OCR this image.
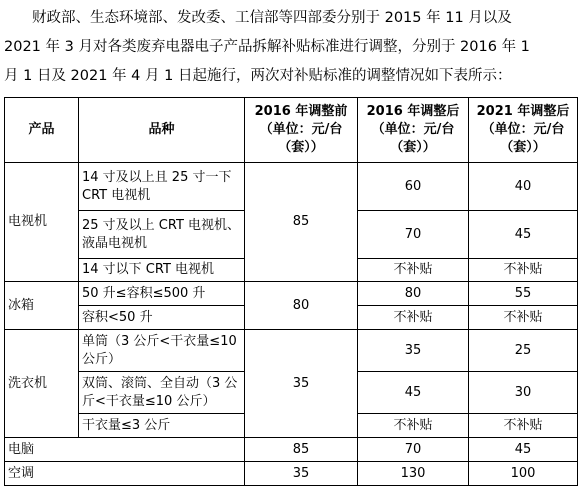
财政部、生态环境部、发改委、工信部等四部委分别于 2015 年 11 月以及
2021 年 3 月对各类废弃电器电子产品拆解补贴标准进行调整，分别于 2016 年 1
月 1 日及 2021 年 4 月 1 日起施行，两次对补贴标准的调整情况如下表所示：

产品	品种	2016 年调整前
（单位：元/台
（套））	2016 年调整后
（单位：元/台
（套））	2021 年调整后
（单位：元/台
（套））

电视机	14 寸及以上且 25 寸一下 CRT 电视机	85	60	40
	25 寸及以上 CRT 电视机、液晶电视机		70	45
	14 寸以下 CRT 电视机		不补贴	不补贴
冰箱	50 升≤容积≤500 升	80	80	55
	容积<50 升		不补贴	不补贴
洗衣机	单筒（3 公斤<干衣量≤10 公斤）	35	35	25
	双筒、滚筒、全自动（3 公斤<干衣量≤10 公斤）		45	30
	干衣量≤3 公斤		不补贴	不补贴
电脑		85	70	45
空调		35	130	100
